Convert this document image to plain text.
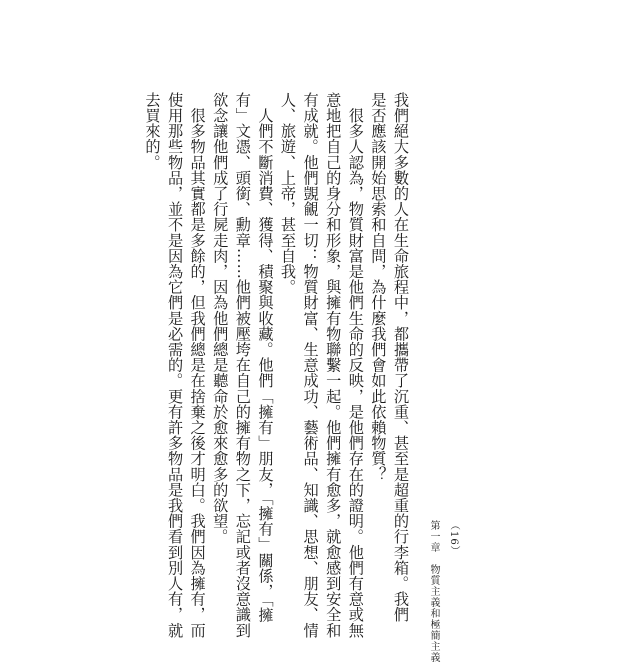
我們絕大多數的人在生命旅程中，都攜帶了沉重、甚至是超重的行李箱。我們

是否應該開始思索和自問，為什麼我們會如此依賴物質？

　很多人認為，物質財富是他們生命的反映，是他們存在的證明。他們有意或無

意地把自己的身分和形象，與擁有物聯繫一起。他們擁有愈多，就愈感到安全和

有成就。他們覬覦一切：物質財富、生意成功、藝術品、知識、思想、朋友、情

人、旅遊、上帝，甚至自我。

　人們不斷消費、獲得、積聚與收藏。他們「擁有」朋友，「擁有」關係，「擁

有」文憑、頭銜、勳章……他們被壓垮在自己的擁有物之下，忘記或者沒意識到

欲念讓他們成了行屍走肉，因為他們總是聽命於愈來愈多的欲望。

　很多物品其實都是多餘的，但我們總是在捨棄之後才明白。我們因為擁有，而

使用那些物品，並不是因為它們是必需的。更有許多物品是我們看到別人有，就

去買來的。

（16）
第一章　物質主義和極簡主義
